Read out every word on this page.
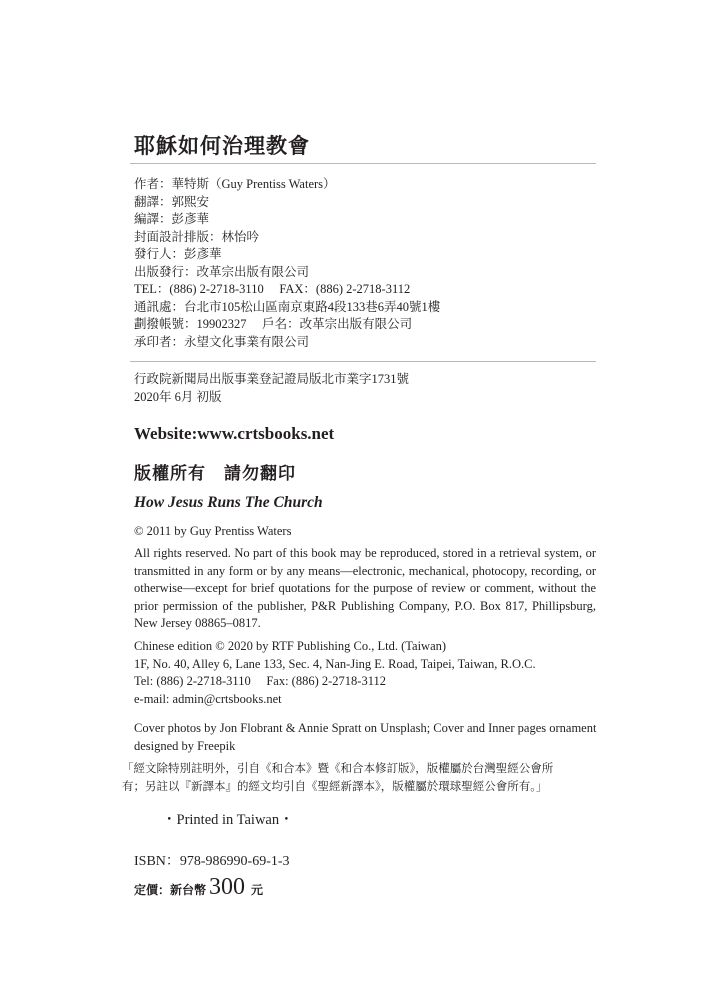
耶穌如何治理教會
作者：華特斯（Guy Prentiss Waters）
翻譯：郭熙安
編譯：彭彥華
封面設計排版：林怡吟
發行人：彭彥華
出版發行：改革宗出版有限公司
TEL：(886) 2-2718-3110　 FAX：(886) 2-2718-3112
通訊處：台北市105松山區南京東路4段133巷6弄40號1樓
劃撥帳號：19902327　 戶名：改革宗出版有限公司
承印者：永望文化事業有限公司
行政院新聞局出版事業登記證局版北市業字1731號
2020年 6月 初版
Website:www.crtsbooks.net
版權所有　請勿翻印
How Jesus Runs The Church
© 2011 by Guy Prentiss Waters
All rights reserved. No part of this book may be reproduced, stored in a retrieval system, or transmitted in any form or by any means—electronic, mechanical, photocopy, recording, or otherwise—except for brief quotations for the purpose of review or comment, without the prior permission of the publisher, P&R Publishing Company, P.O. Box 817, Phillipsburg, New Jersey 08865–0817.
Chinese edition © 2020 by RTF Publishing Co., Ltd. (Taiwan)
1F, No. 40, Alley 6, Lane 133, Sec. 4, Nan-Jing E. Road, Taipei, Taiwan, R.O.C.
Tel: (886) 2-2718-3110 　Fax: (886) 2-2718-3112
e-mail: admin@crtsbooks.net
Cover photos by Jon Flobrant & Annie Spratt on Unsplash; Cover and Inner pages ornament designed by Freepik
「經文除特別註明外，引自《和合本》暨《和合本修訂版》，版權屬於台灣聖經公會所
有；另註以『新譯本』的經文均引自《聖經新譯本》，版權屬於環球聖經公會所有。」
・Printed in Taiwan・
ISBN：978-986990-69-1-3
定價：新台幣 300 元
